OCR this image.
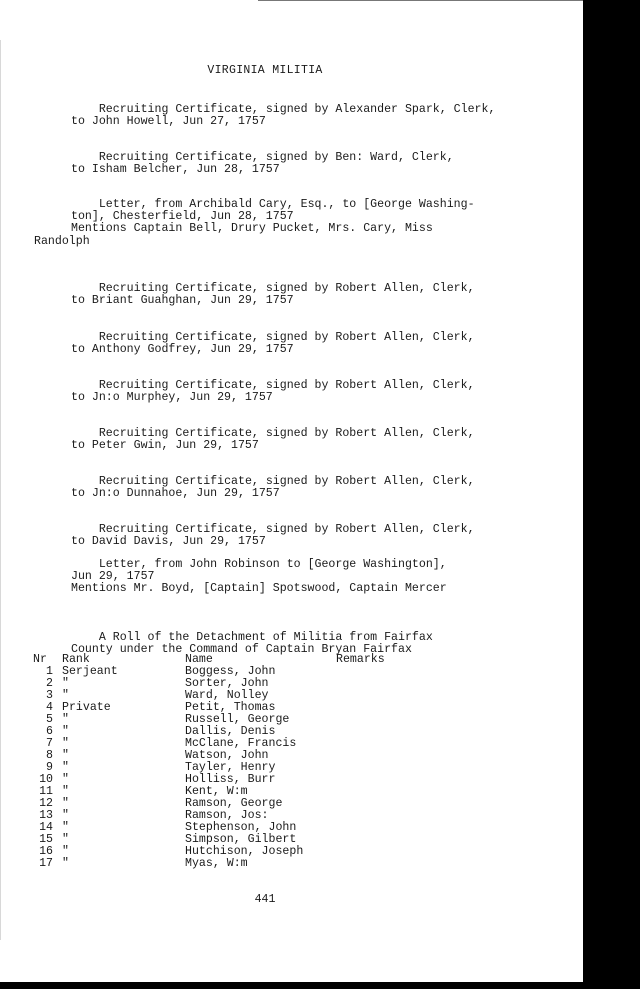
VIRGINIA MILITIA

Recruiting Certificate, signed by Alexander Spark, Clerk,
to John Howell, Jun 27, 1757

Recruiting Certificate, signed by Ben: Ward, Clerk,
to Isham Belcher, Jun 28, 1757

Letter, from Archibald Cary, Esq., to [George Washing-
ton], Chesterfield, Jun 28, 1757

Mentions Captain Bell, Drury Pucket, Mrs. Cary, Miss
Randolph

Recruiting Certificate, signed by Robert Allen, Clerk,
to Briant Guahghan, Jun 29, 1757

Recruiting Certificate, signed by Robert Allen, Clerk,
to Anthony Godfrey, Jun 29, 1757

Recruiting Certificate, signed by Robert Allen, Clerk,
to Jn:o Murphey, Jun 29, 1757

Recruiting Certificate, signed by Robert Allen, Clerk,
to Peter Gwin, Jun 29, 1757

Recruiting Certificate, signed by Robert Allen, Clerk,
to Jn:o Dunnahoe, Jun 29, 1757

Recruiting Certificate, signed by Robert Allen, Clerk,
to David Davis, Jun 29, 1757

Letter, from John Robinson to [George Washington],
Jun 29, 1757

Mentions Mr. Boyd, [Captain] Spotswood, Captain Mercer

A Roll of the Detachment of Militia from Fairfax
County under the Command of Captain Bryan Fairfax

Nr	Rank	Name	Remarks
1	Serjeant	Boggess, John	
2	"	Sorter, John	
3	"	Ward, Nolley	
4	Private	Petit, Thomas	
5	"	Russell, George	
6	"	Dallis, Denis	
7	"	McClane, Francis	
8	"	Watson, John	
9	"	Tayler, Henry	
10	"	Holliss, Burr	
11	"	Kent, W:m	
12	"	Ramson, George	
13	"	Ramson, Jos:	
14	"	Stephenson, John	
15	"	Simpson, Gilbert	
16	"	Hutchison, Joseph	
17	"	Myas, W:m	
441
